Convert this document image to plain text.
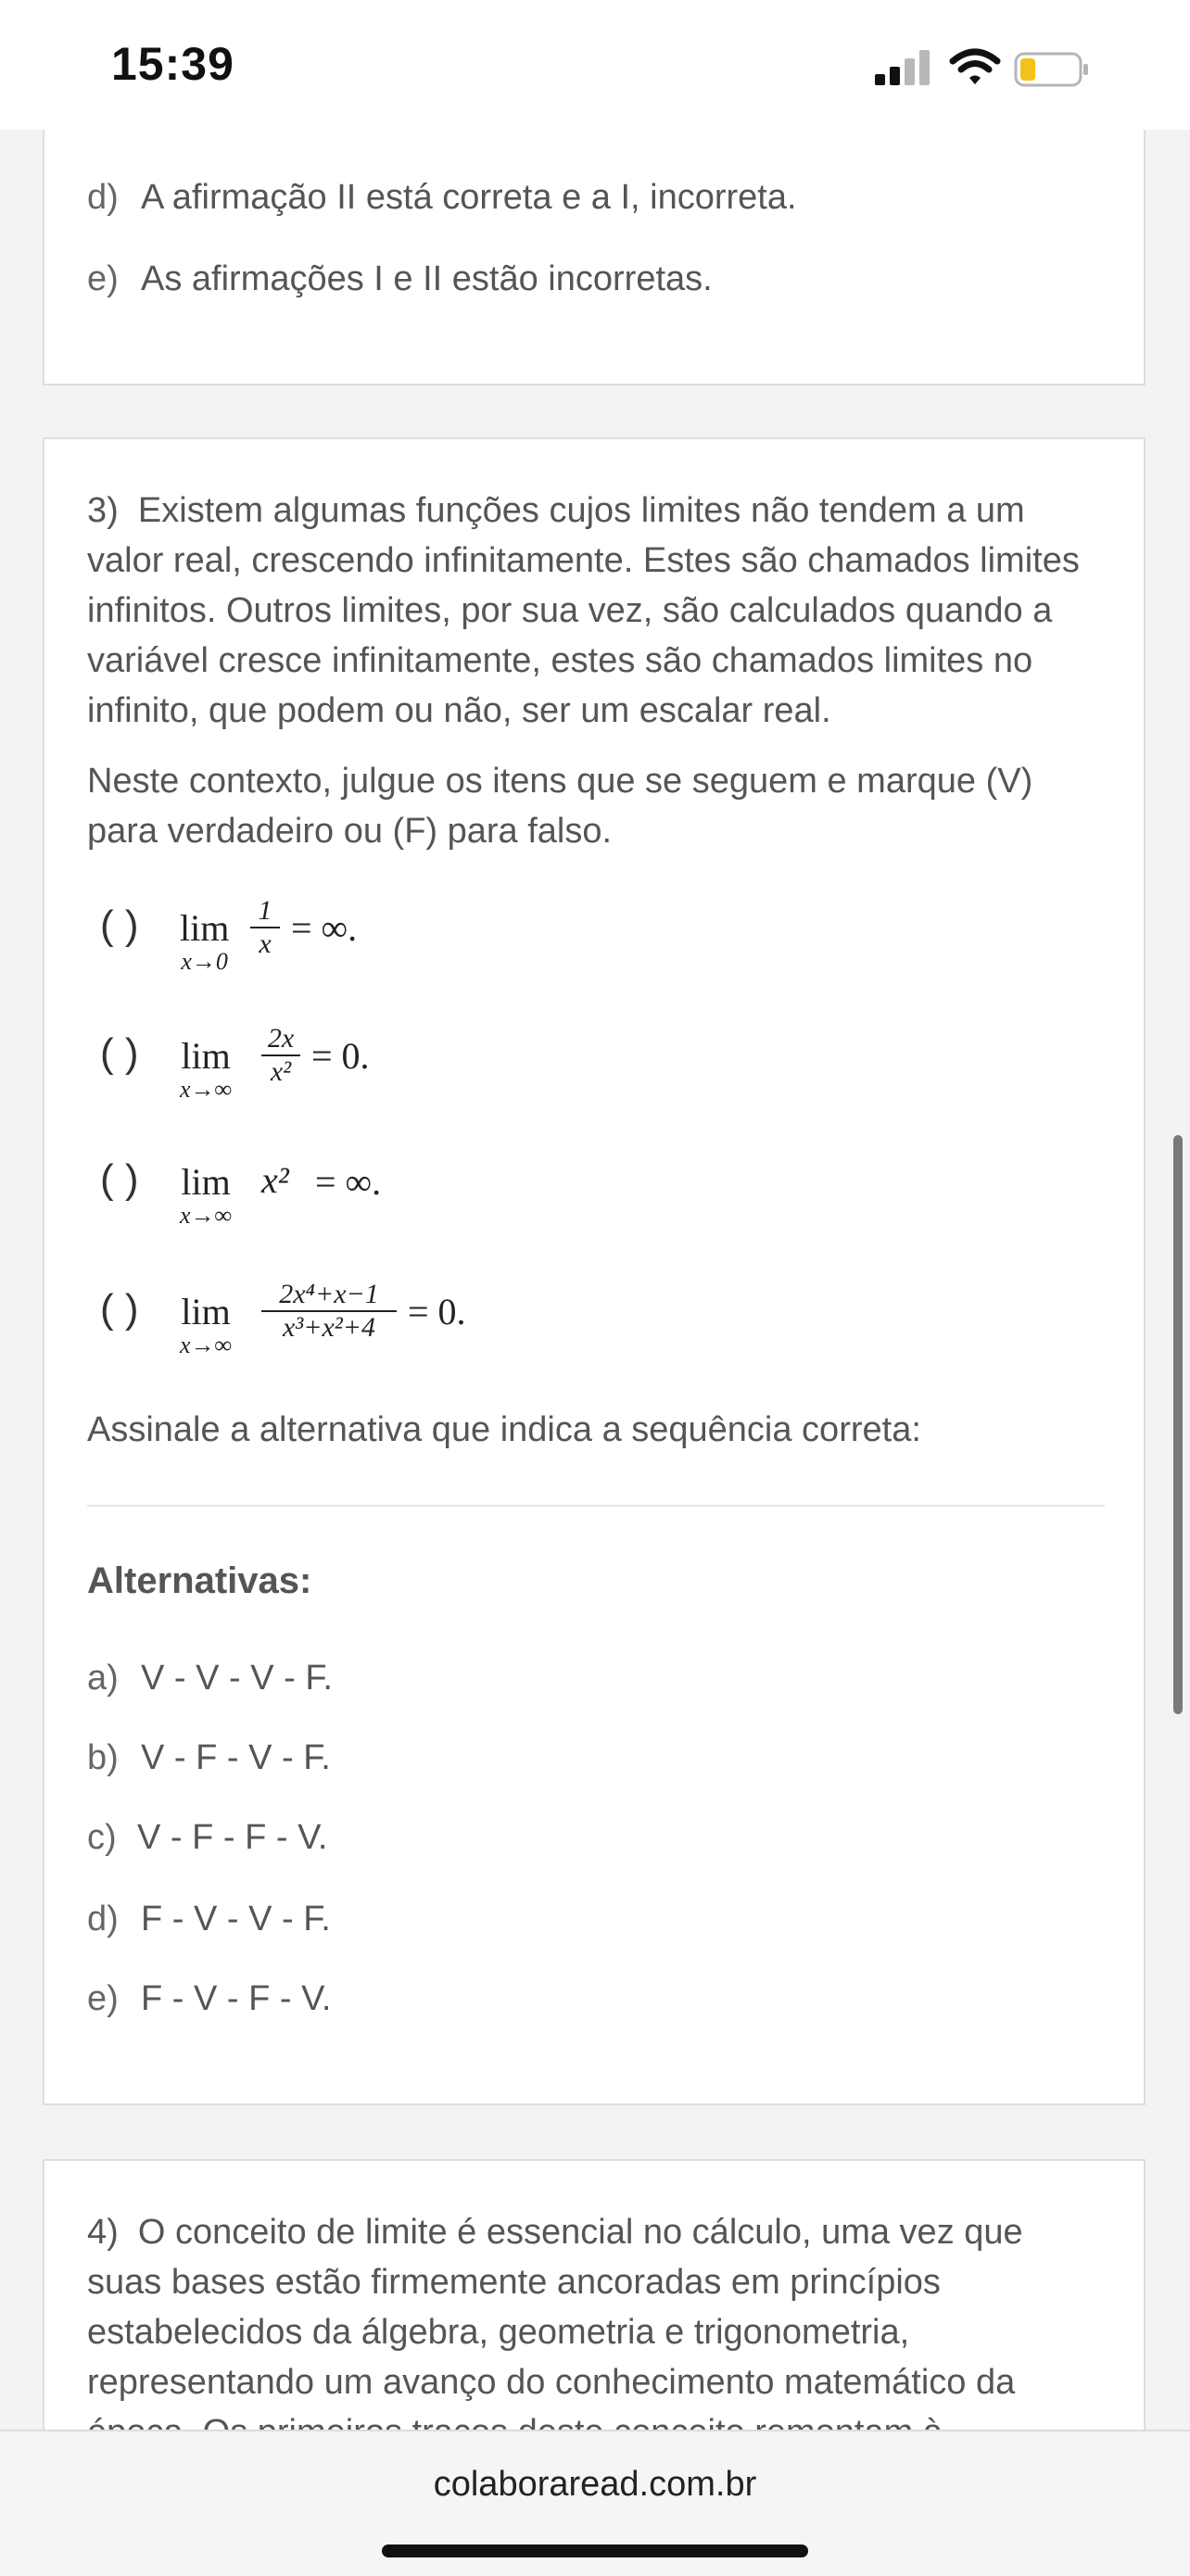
15:39
d) A afirmação II está correta e a I, incorreta.
e) As afirmações I e II estão incorretas.
3) Existem algumas funções cujos limites não tendem a um valor real, crescendo infinitamente. Estes são chamados limites infinitos. Outros limites, por sua vez, são calculados quando a variável cresce infinitamente, estes são chamados limites no infinito, que podem ou não, ser um escalar real.
Neste contexto, julgue os itens que se seguem e marque (V) para verdadeiro ou (F) para falso.
( ) lim
x→0
1
x = ∞.
( ) lim
x→∞
2x
x² = 0.
( ) lim
x→∞
x² = ∞.
( ) lim
x→∞
2x⁴+x−1
x³+x²+4 = 0.
Assinale a alternativa que indica a sequência correta:
Alternativas:
a) V - V - V - F.
b) V - F - V - F.
c) V - F - F - V.
d) F - V - V - F.
e) F - V - F - V.
4) O conceito de limite é essencial no cálculo, uma vez que suas bases estão firmemente ancoradas em princípios estabelecidos da álgebra, geometria e trigonometria, representando um avanço do conhecimento matemático da
colaboraread.com.br
